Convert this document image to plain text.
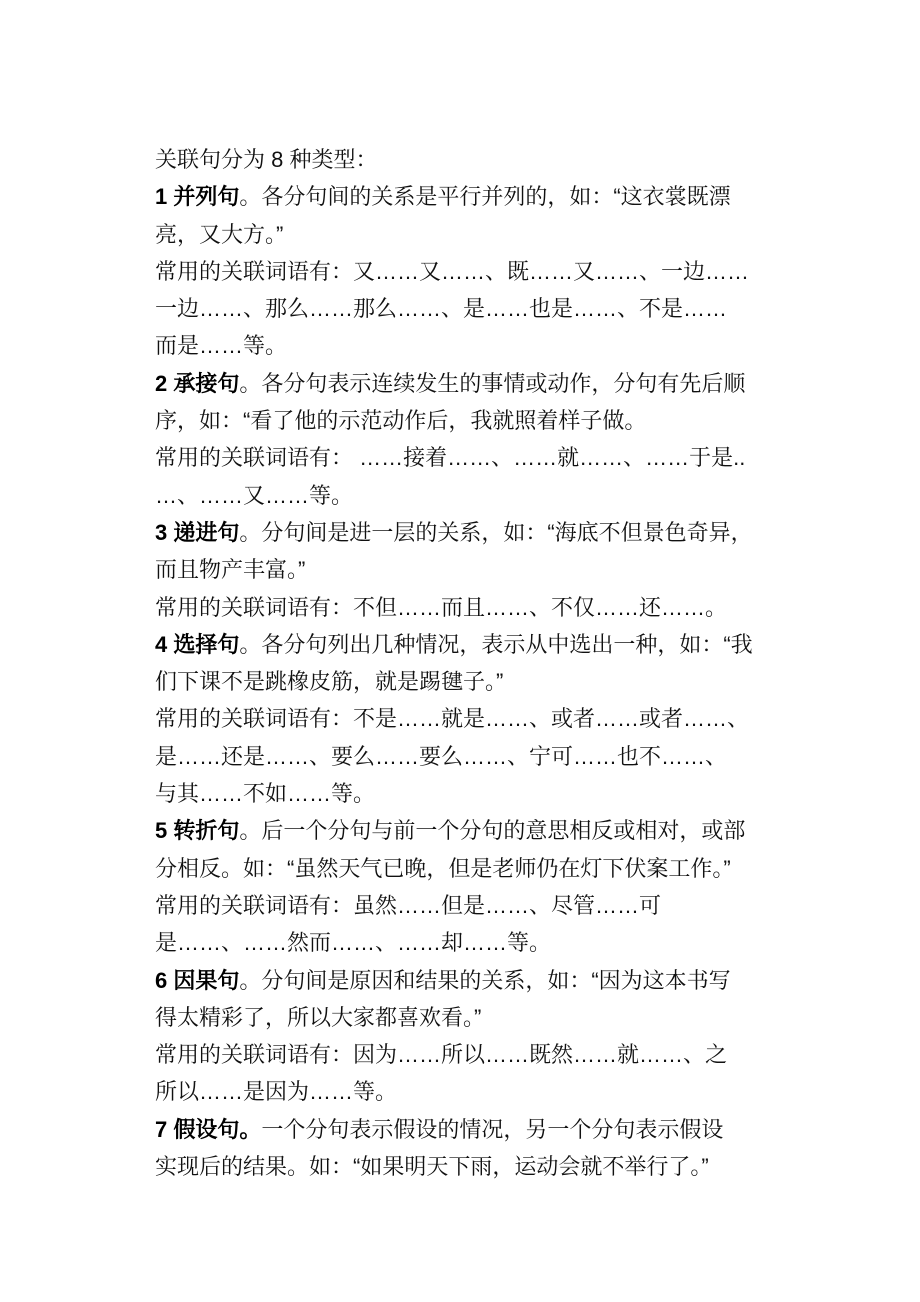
关联句分为 8 种类型：
1 并列句。各分句间的关系是平行并列的，如：“这衣裳既漂
亮，又大方。”
常用的关联词语有：又……又……、既……又……、一边……
一边……、那么……那么……、是……也是……、不是……
而是……等。
2 承接句。各分句表示连续发生的事情或动作，分句有先后顺
序，如：“看了他的示范动作后，我就照着样子做。
常用的关联词语有： ……接着……、……就……、……于是..
…、……又……等。
3 递进句。分句间是进一层的关系，如：“海底不但景色奇异，
而且物产丰富。”
常用的关联词语有：不但……而且……、不仅……还……。
4 选择句。各分句列出几种情况，表示从中选出一种，如：“我
们下课不是跳橡皮筋，就是踢毽子。”
常用的关联词语有：不是……就是……、或者……或者……、
是……还是……、要么……要么……、宁可……也不……、
与其……不如……等。
5 转折句。后一个分句与前一个分句的意思相反或相对，或部
分相反。如：“虽然天气已晚，但是老师仍在灯下伏案工作。”
常用的关联词语有：虽然……但是……、尽管……可
是……、……然而……、……却……等。
6 因果句。分句间是原因和结果的关系，如：“因为这本书写
得太精彩了，所以大家都喜欢看。”
常用的关联词语有：因为……所以……既然……就……、之
所以……是因为……等。
7 假设句。一个分句表示假设的情况，另一个分句表示假设
实现后的结果。如：“如果明天下雨，运动会就不举行了。”
